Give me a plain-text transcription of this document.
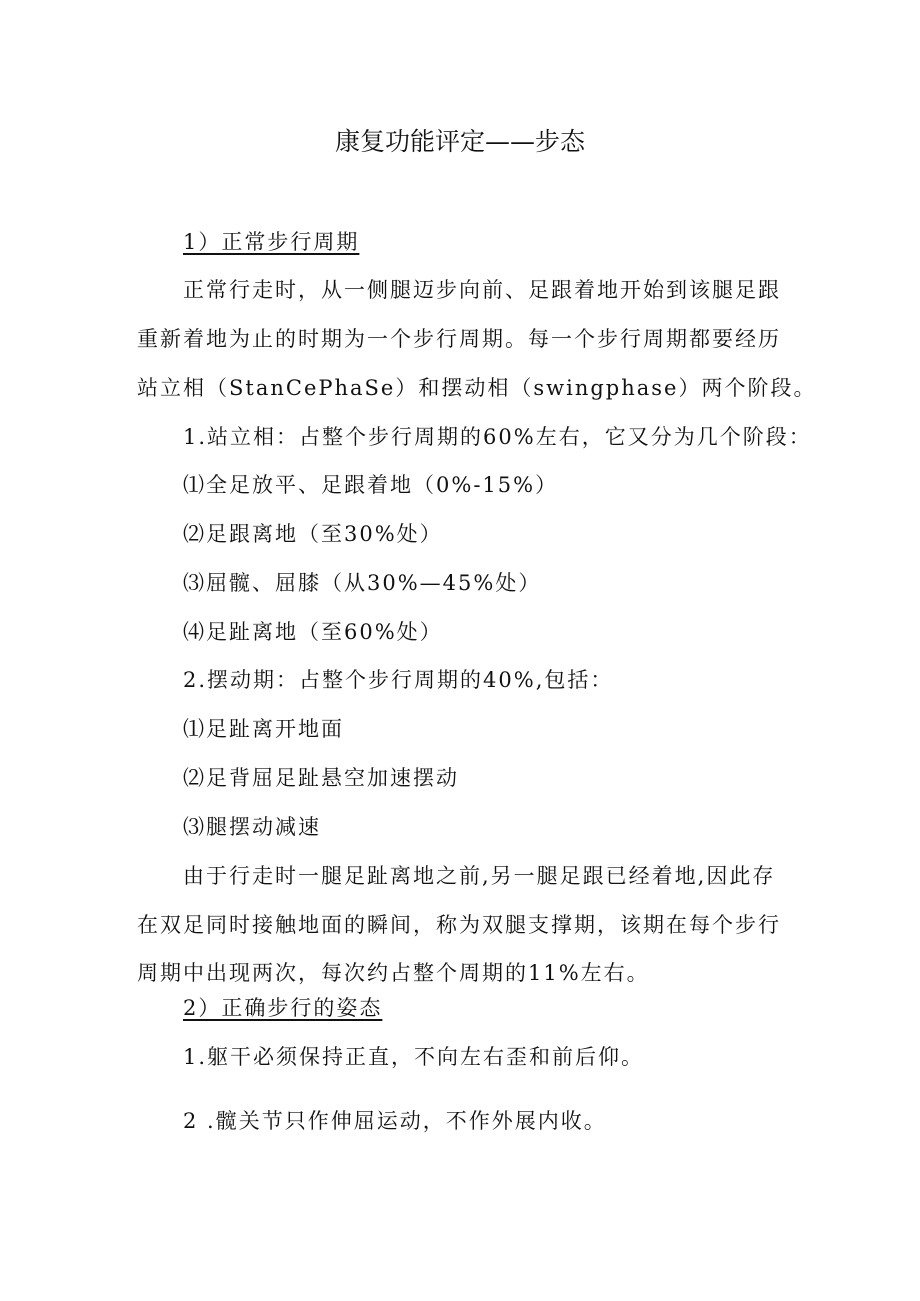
康复功能评定——步态
1）正常步行周期
正常行走时，从一侧腿迈步向前、足跟着地开始到该腿足跟
重新着地为止的时期为一个步行周期。每一个步行周期都要经历
站立相（StanCePhaSe）和摆动相（swingphase）两个阶段。
1.站立相：占整个步行周期的60%左右，它又分为几个阶段：
⑴全足放平、足跟着地（0%-15%）
⑵足跟离地（至30%处）
⑶屈髋、屈膝（从30%—45%处）
⑷足趾离地（至60%处）
2.摆动期：占整个步行周期的40%,包括：
⑴足趾离开地面
⑵足背屈足趾悬空加速摆动
⑶腿摆动减速
由于行走时一腿足趾离地之前,另一腿足跟已经着地,因此存
在双足同时接触地面的瞬间，称为双腿支撑期，该期在每个步行
周期中出现两次，每次约占整个周期的11%左右。
2）正确步行的姿态
1.躯干必须保持正直，不向左右歪和前后仰。
2 .髋关节只作伸屈运动，不作外展内收。
